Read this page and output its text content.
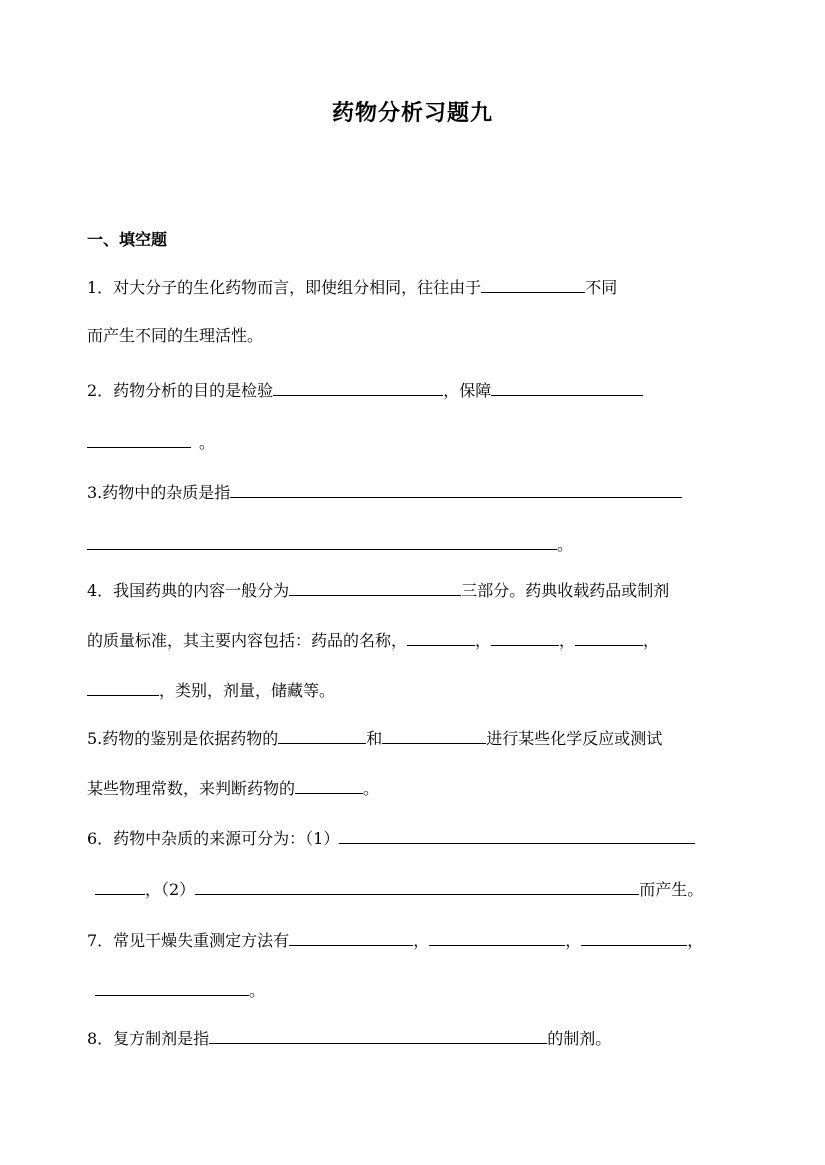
药物分析习题九
一、填空题
1．对大分子的生化药物而言，即使组分相同，往往由于	不同
而产生不同的生理活性。
2．药物分析的目的是检验	，保障
。
3.药物中的杂质是指
。
4．我国药典的内容一般分为	三部分。药典收载药品或制剂
的质量标准，其主要内容包括：药品的名称，	，	，	，
，类别，剂量，储藏等。
5.药物的鉴别是依据药物的	和	进行某些化学反应或测试
某些物理常数，来判断药物的	。
6．药物中杂质的来源可分为：（1）
，（2）	而产生。
7．常见干燥失重测定方法有	，	，	，
。
8．复方制剂是指	的制剂。
